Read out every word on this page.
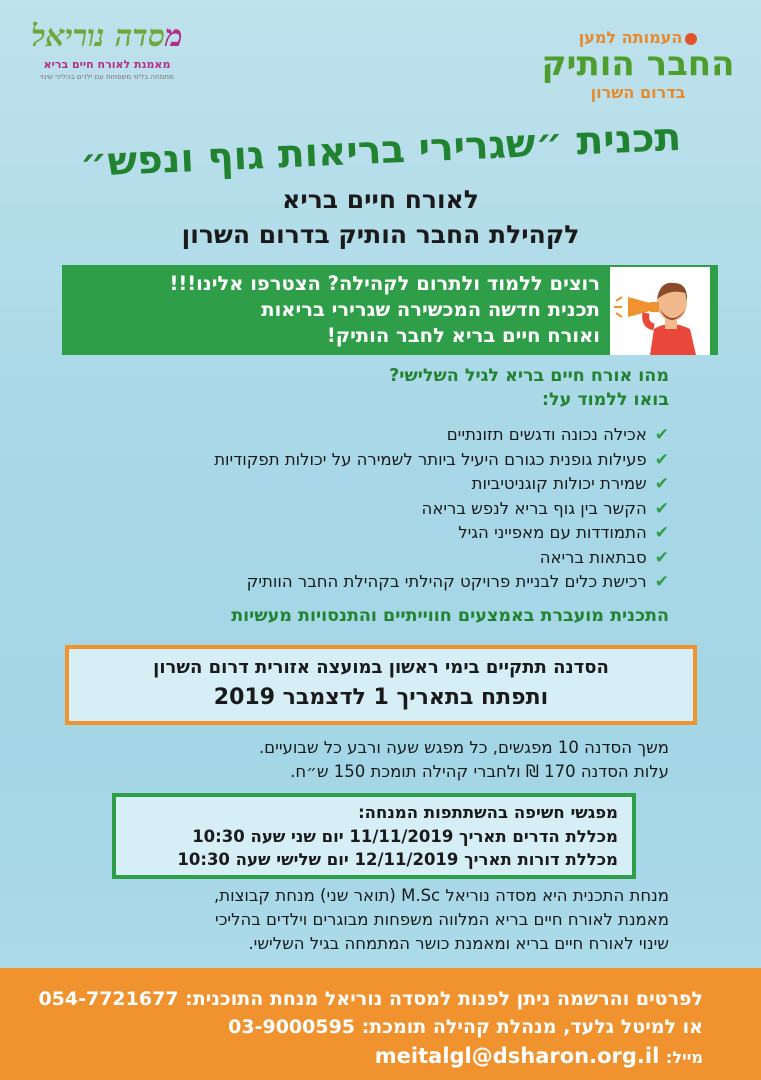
מסדה נוריאל
מאמנת לאורח חיים בריא
מתמחה בליווי משפחות עם ילדים בהליכי שינוי
העמותה למען
החבר הותיק
בדרום השרון
תכנית ״שגרירי בריאות גוף ונפש״
לאורח חיים בריא
לקהילת החבר הותיק בדרום השרון
רוצים ללמוד ולתרום לקהילה? הצטרפו אלינו!!!
תכנית חדשה המכשירה שגרירי בריאות
ואורח חיים בריא לחבר הותיק!
מהו אורח חיים בריא לגיל השלישי?
בואו ללמוד על:
✔אכילה נכונה ודגשים תזונתיים
✔פעילות גופנית כגורם היעיל ביותר לשמירה על יכולות תפקודיות
✔שמירת יכולות קוגניטיביות
✔הקשר בין גוף בריא לנפש בריאה
✔התמודדות עם מאפייני הגיל
✔סבתאות בריאה
✔רכישת כלים לבניית פרויקט קהילתי בקהילת החבר הוותיק
התכנית מועברת באמצעים חווייתיים והתנסויות מעשיות
הסדנה תתקיים בימי ראשון במועצה אזורית דרום השרון
ותפתח בתאריך 1 לדצמבר 2019
משך הסדנה 10 מפגשים, כל מפגש שעה ורבע כל שבועיים.
עלות הסדנה 170 ₪ ולחברי קהילה תומכת 150 ש״ח.
מפגשי חשיפה בהשתתפות המנחה:
מכללת הדרים תאריך 11/11/2019 יום שני שעה 10:30
מכללת דורות תאריך 12/11/2019 יום שלישי שעה 10:30
מנחת התכנית היא מסדה נוריאל M.Sc (תואר שני) מנחת קבוצות,
מאמנת לאורח חיים בריא המלווה משפחות מבוגרים וילדים בהליכי
שינוי לאורח חיים בריא ומאמנת כושר המתמחה בגיל השלישי.
לפרטים והרשמה ניתן לפנות למסדה נוריאל מנחת התוכנית: 054-7721677
או למיטל גלעד, מנהלת קהילה תומכת: 03-9000595
מייל: meitalgl@dsharon.org.il
